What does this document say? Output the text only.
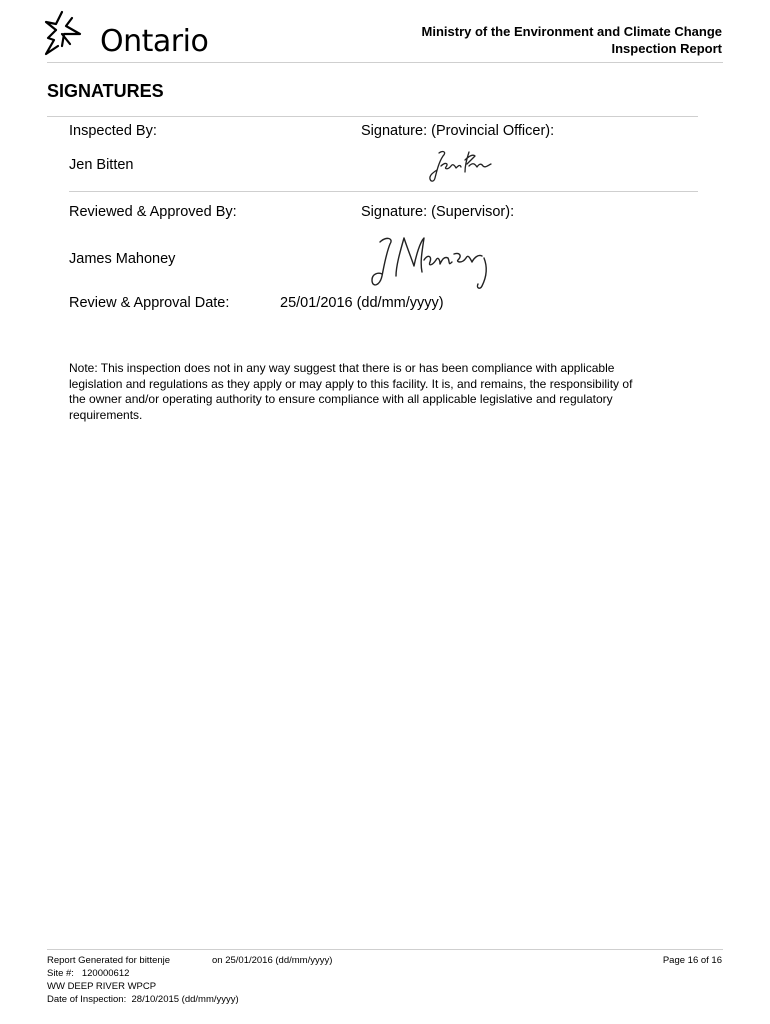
Ontario	Ministry of the Environment and Climate Change
Inspection Report
SIGNATURES
Inspected By:	Signature: (Provincial Officer):
Jen Bitten
Reviewed & Approved By:	Signature: (Supervisor):
James Mahoney
Review & Approval Date:	25/01/2016 (dd/mm/yyyy)
Note: This inspection does not in any way suggest that there is or has been compliance with applicable legislation and regulations as they apply or may apply to this facility. It is, and remains, the responsibility of the owner and/or operating authority to ensure compliance with all applicable legislative and regulatory requirements.
Report Generated for bittenje	on 25/01/2016 (dd/mm/yyyy)	Page 16 of 16
Site #: 120000612
WW DEEP RIVER WPCP
Date of Inspection: 28/10/2015 (dd/mm/yyyy)
